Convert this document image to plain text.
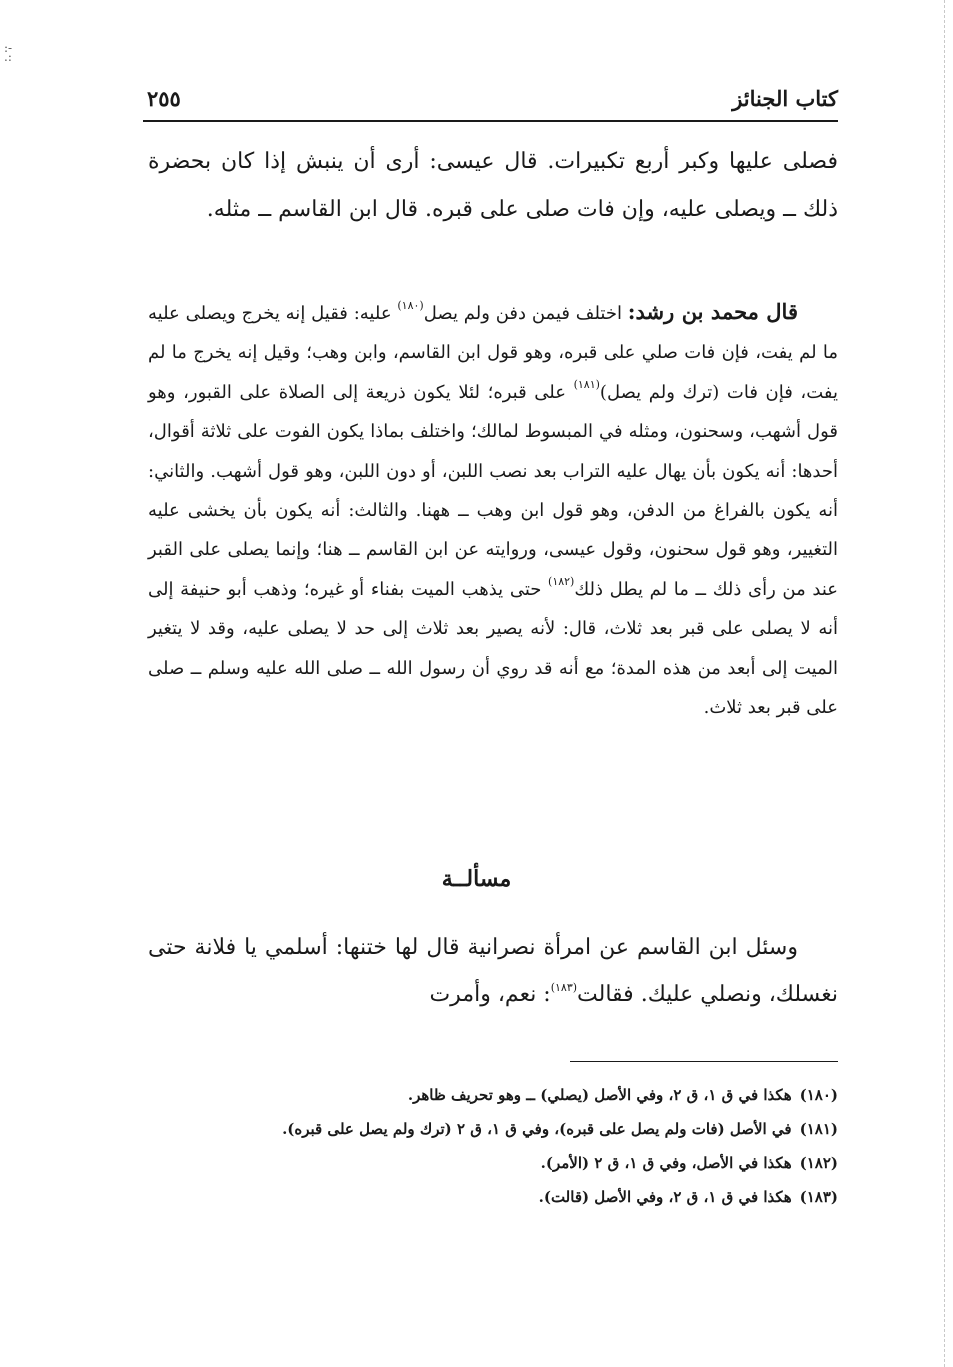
:-
.:
كتاب الجنائز
٢٥٥

فصلى عليها وكبر أربع تكبيرات. قال عيسى: أرى أن ينبش إذا كان بحضرة ذلك ــ ويصلى عليه، وإن فات صلى على قبره. قال ابن القاسم ــ مثله.

قال محمد بن رشد: اختلف فيمن دفن ولم يصل$^{(١٨٠)}$ عليه: فقيل إنه يخرج ويصلى عليه ما لم يفت، فإن فات صلي على قبره، وهو قول ابن القاسم، وابن وهب؛ وقيل إنه يخرج ما لم يفت، فإن فات (ترك ولم يصل)$^{(١٨١)}$ على قبره؛ لئلا يكون ذريعة إلى الصلاة على القبور، وهو قول أشهب، وسحنون، ومثله في المبسوط لمالك؛ واختلف بماذا يكون الفوت على ثلاثة أقوال، أحدها: أنه يكون بأن يهال عليه التراب بعد نصب اللبن، أو دون اللبن، وهو قول أشهب. والثاني: أنه يكون بالفراغ من الدفن، وهو قول ابن وهب ــ ههنا. والثالث: أنه يكون بأن يخشى عليه التغيير، وهو قول سحنون، وقول عيسى، وروايته عن ابن القاسم ــ هنا؛ وإنما يصلى على القبر عند من رأى ذلك ــ ما لم يطل ذلك$^{(١٨٢)}$ حتى يذهب الميت بفناء أو غيره؛ وذهب أبو حنيفة إلى أنه لا يصلى على قبر بعد ثلاث، قال: لأنه يصير بعد ثلاث إلى حد لا يصلى عليه، وقد لا يتغير الميت إلى أبعد من هذه المدة؛ مع أنه قد روي أن رسول الله ــ صلى الله عليه وسلم ــ صلى على قبر بعد ثلاث.

مسألــة

وسئل ابن القاسم عن امرأة نصرانية قال لها ختنها: أسلمي يا فلانة حتى نغسلك، ونصلي عليك. فقالت$^{(١٨٣)}$: نعم، وأمرت

(١٨٠)
هكذا في ق ١، ق ٢، وفي الأصل (يصلي) ــ وهو تحريف ظاهر.
(١٨١)
في الأصل (فات ولم يصل على قبره)، وفي ق ١، ق ٢ (ترك ولم يصل على قبره).
(١٨٢)
هكذا في الأصل، وفي ق ١، ق ٢ (الأمر).
(١٨٣)
هكذا في ق ١، ق ٢، وفي الأصل (قالت).
